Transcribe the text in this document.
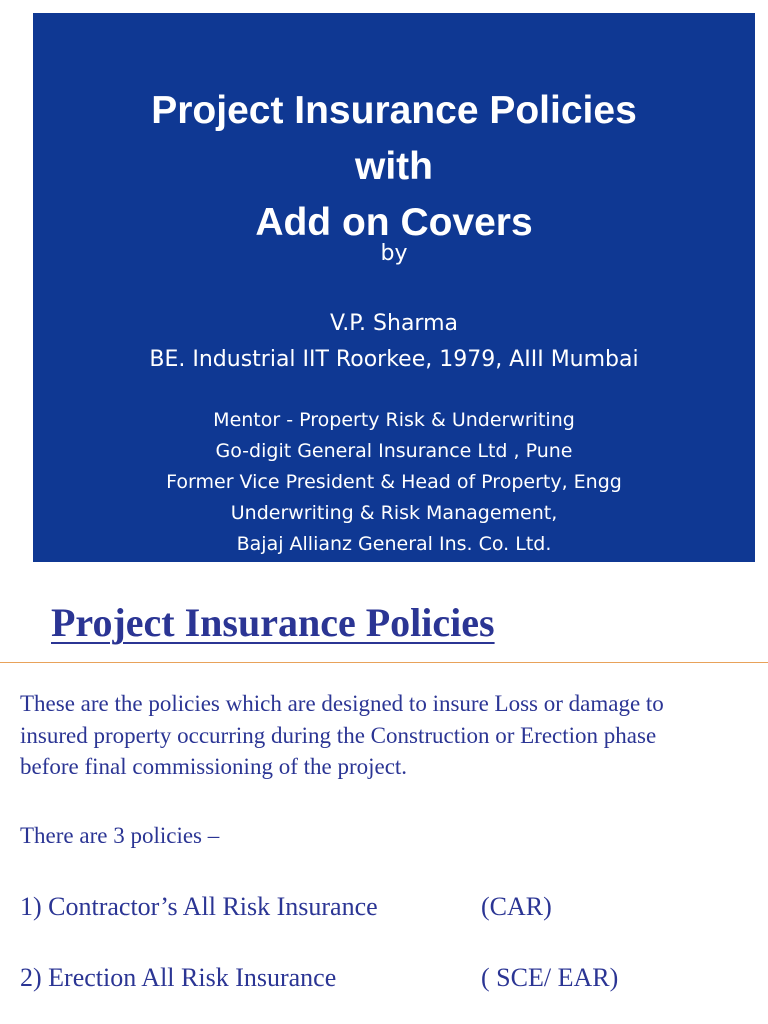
Project Insurance Policies
with
Add on Covers
by
V.P. Sharma
BE. Industrial IIT Roorkee, 1979, AIII Mumbai
Mentor - Property Risk & Underwriting
Go-digit General Insurance Ltd , Pune
Former Vice President & Head of Property, Engg
Underwriting & Risk Management,
Bajaj Allianz General Ins. Co. Ltd.
Project Insurance Policies
These are the policies which are designed to insure Loss or damage to
insured property occurring during the Construction or Erection phase
before final commissioning of the project.
There are 3 policies –
1) Contractor’s All Risk Insurance	(CAR)
2) Erection All Risk Insurance	( SCE/ EAR)
